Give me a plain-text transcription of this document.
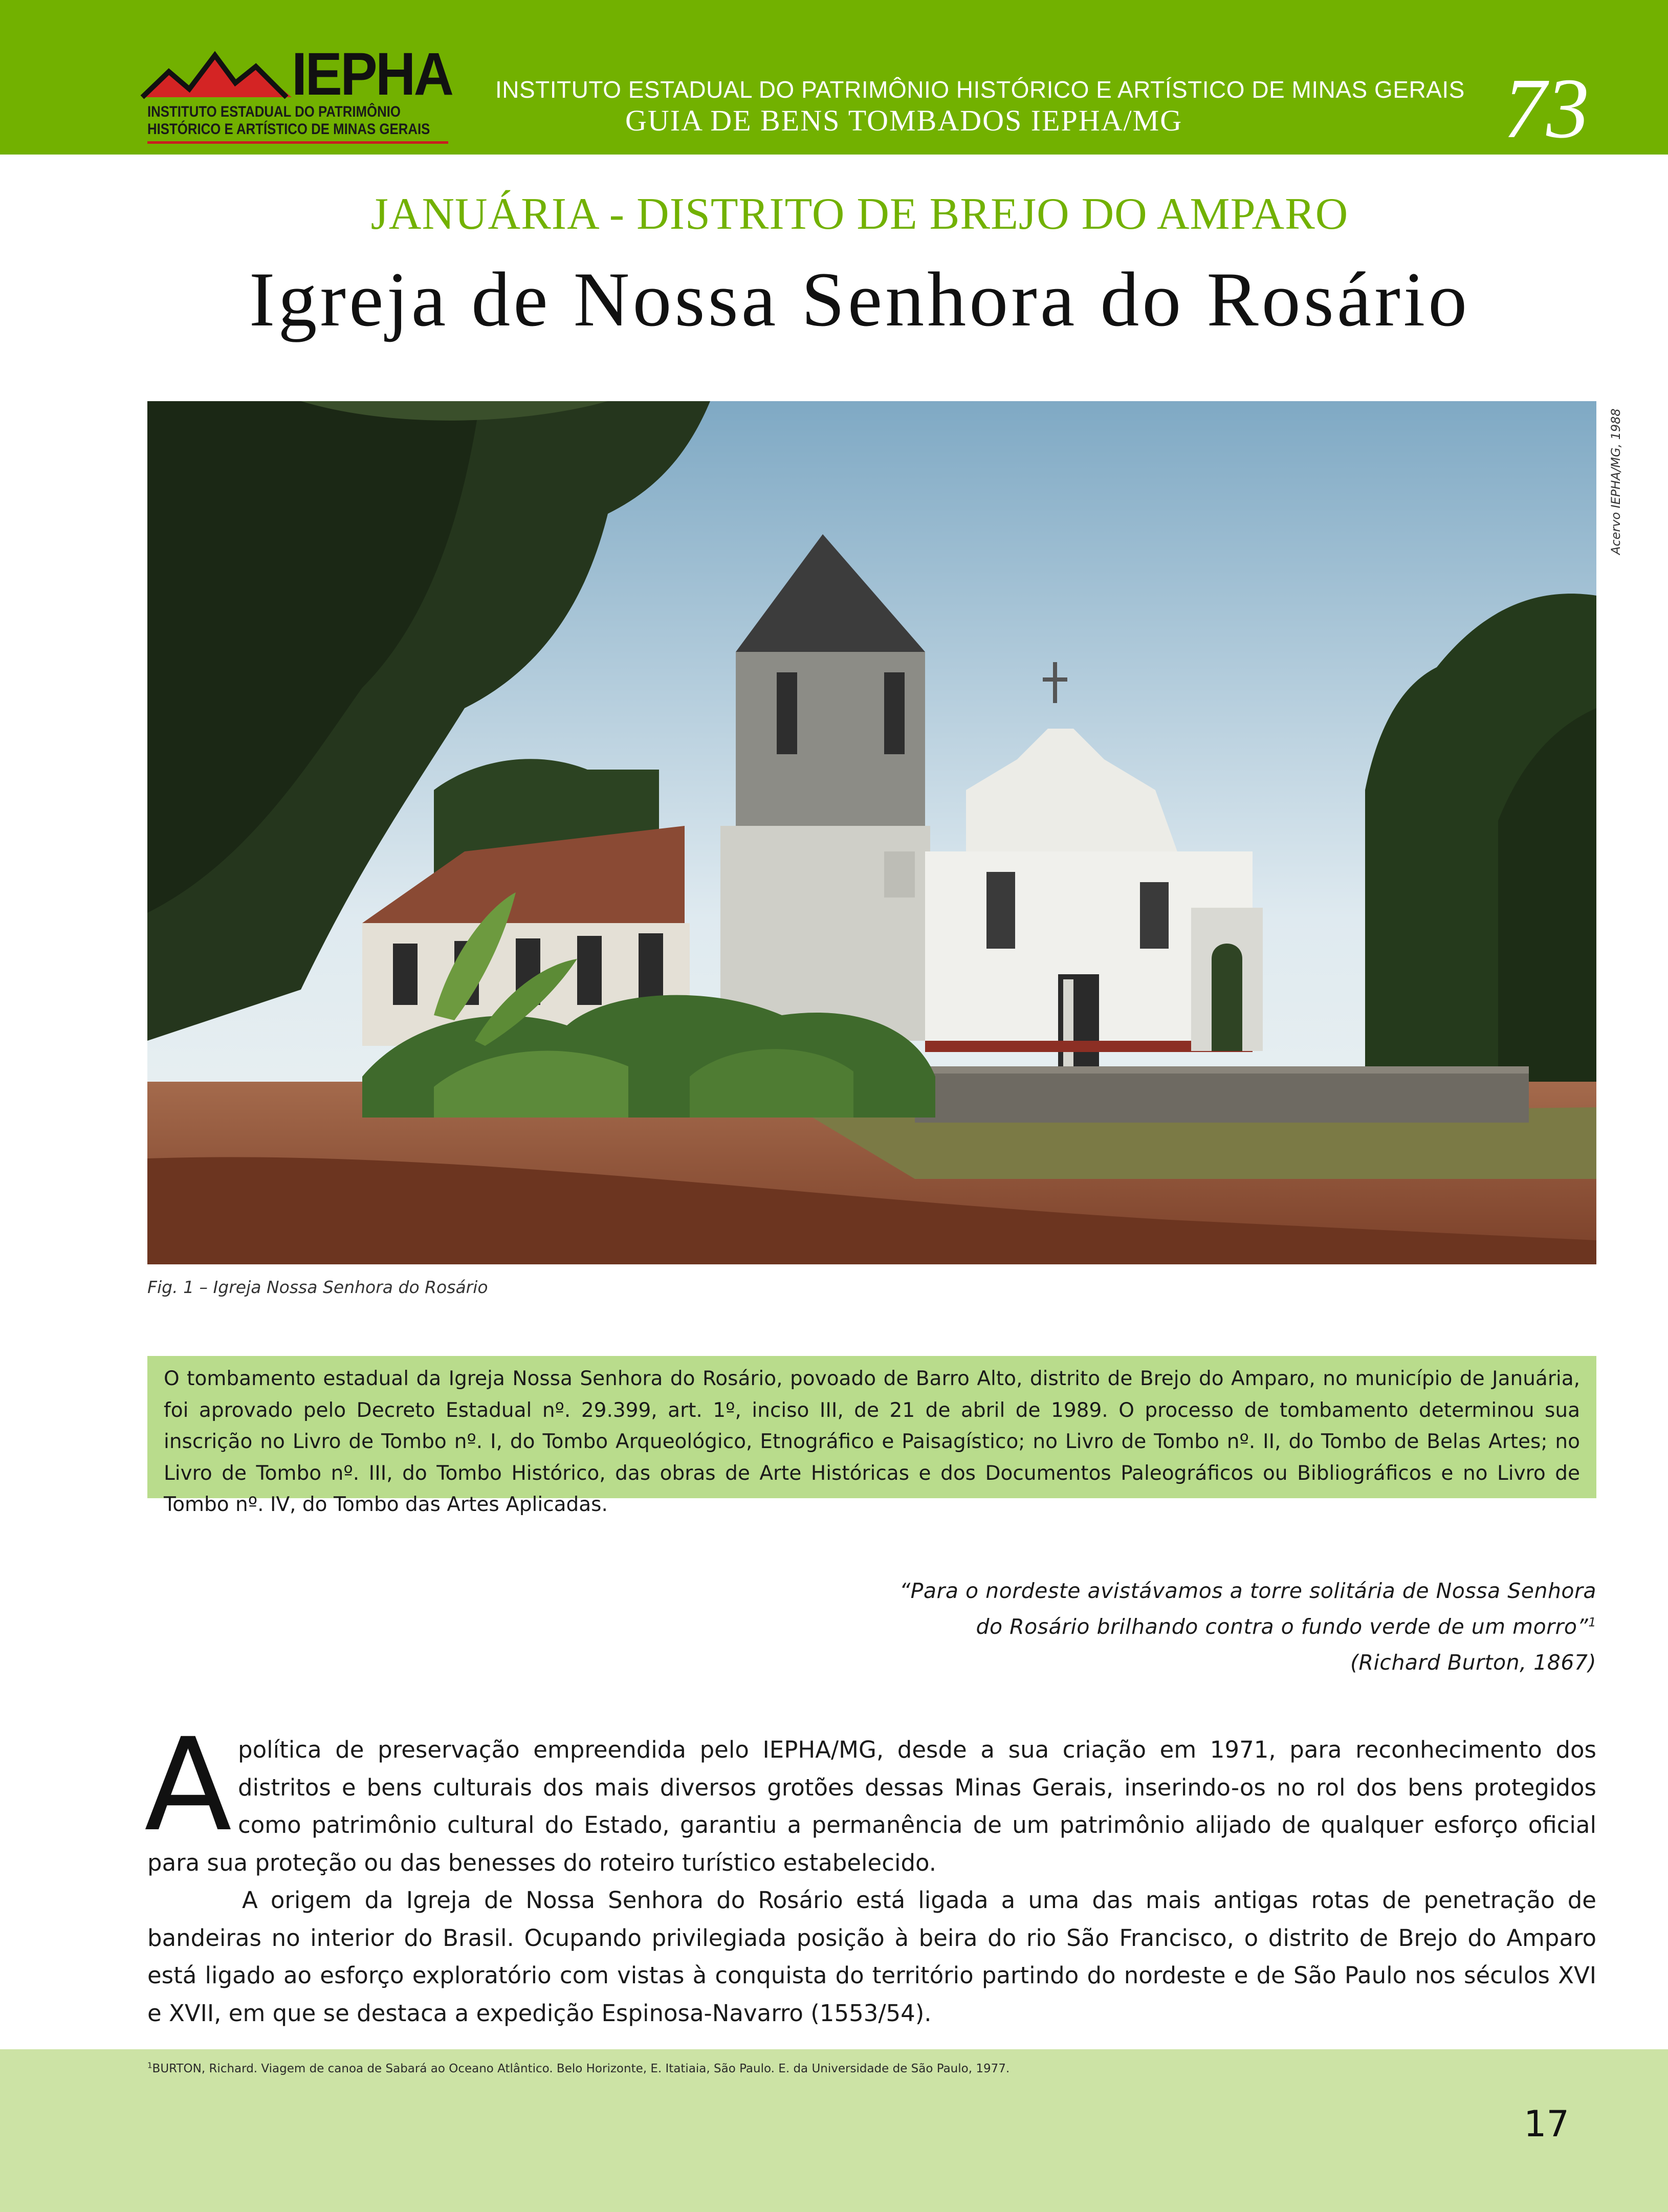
IEPHA
INSTITUTO ESTADUAL DO PATRIMÔNIO
HISTÓRICO E ARTÍSTICO DE MINAS GERAIS
INSTITUTO ESTADUAL DO PATRIMÔNIO HISTÓRICO E ARTÍSTICO DE MINAS GERAIS
GUIA DE BENS TOMBADOS IEPHA/MG	73
JANUÁRIA - DISTRITO DE BREJO DO AMPARO
Igreja de Nossa Senhora do Rosário
Acervo IEPHA/MG, 1988
Fig. 1 – Igreja Nossa Senhora do Rosário
O tombamento estadual da Igreja Nossa Senhora do Rosário, povoado de Barro Alto, distrito de Brejo do Amparo, no município de Januária, foi aprovado pelo Decreto Estadual nº. 29.399, art. 1º, inciso III, de 21 de abril de 1989. O processo de tombamento determinou sua inscrição no Livro de Tombo nº. I, do Tombo Arqueológico, Etnográfico e Paisagístico; no Livro de Tombo nº. II, do Tombo de Belas Artes; no Livro de Tombo nº. III, do Tombo Histórico, das obras de Arte Históricas e dos Documentos Paleográficos ou Bibliográficos e no Livro de Tombo nº. IV, do Tombo das Artes Aplicadas.
“Para o nordeste avistávamos a torre solitária de Nossa Senhora
do Rosário brilhando contra o fundo verde de um morro”$^1$
(Richard Burton, 1867)

Apolítica de preservação empreendida pelo IEPHA/MG, desde a sua criação em 1971, para reconhecimento dos distritos e bens culturais dos mais diversos grotões dessas Minas Gerais, inserindo-os no rol dos bens protegidos como patrimônio cultural do Estado, garantiu a permanência de um patrimônio alijado de qualquer esforço oficial para sua proteção ou das benesses do roteiro turístico estabelecido.

A origem da Igreja de Nossa Senhora do Rosário está ligada a uma das mais antigas rotas de penetração de bandeiras no interior do Brasil. Ocupando privilegiada posição à beira do rio São Francisco, o distrito de Brejo do Amparo está ligado ao esforço exploratório com vistas à conquista do território partindo do nordeste e de São Paulo nos séculos XVI e XVII, em que se destaca a expedição Espinosa-Navarro (1553/54).

$^1$BURTON, Richard. Viagem de canoa de Sabará ao Oceano Atlântico. Belo Horizonte, E. Itatiaia, São Paulo. E. da Universidade de São Paulo, 1977.
17
